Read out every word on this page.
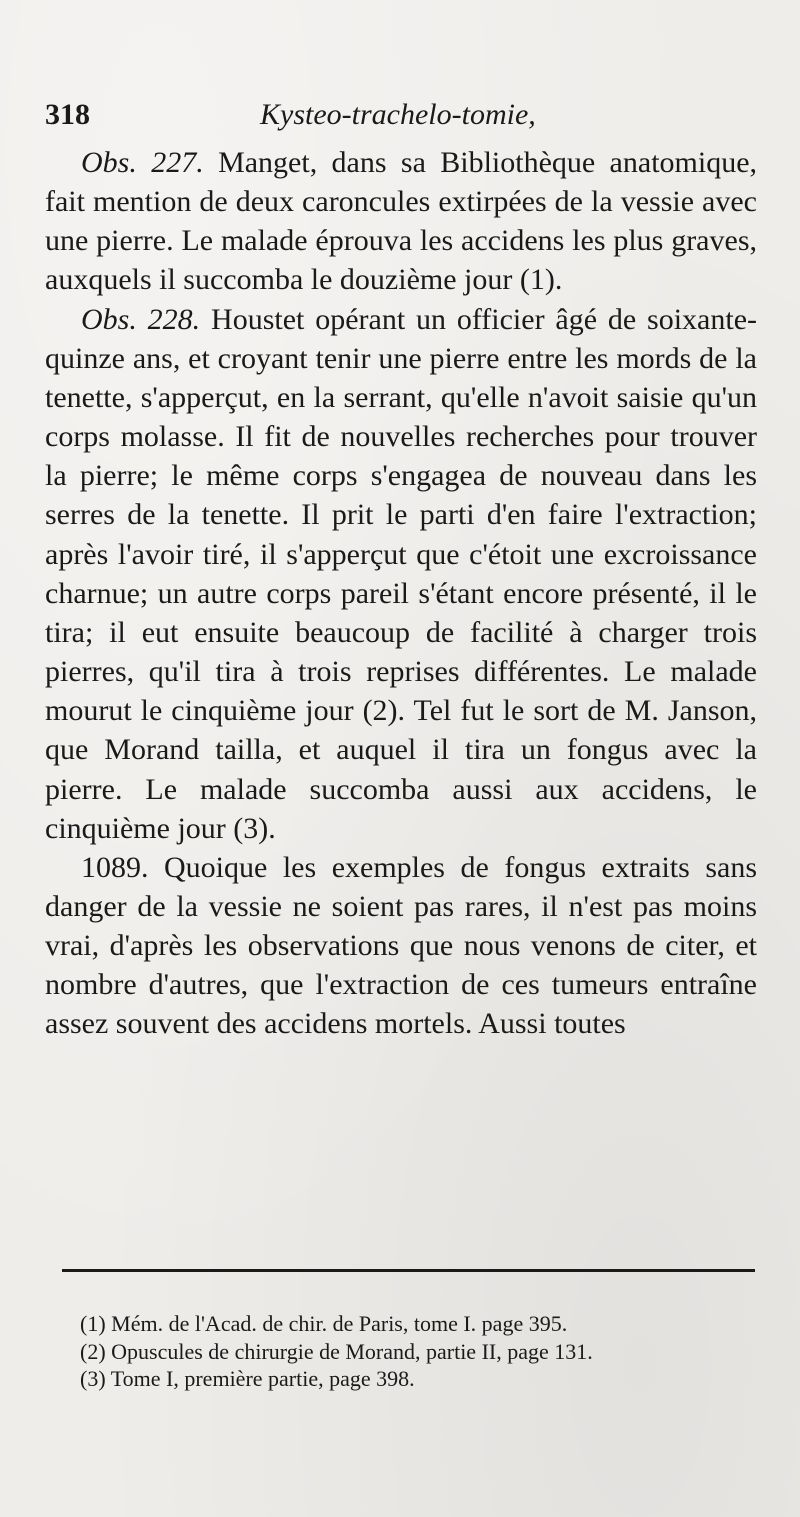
318	Kysteo-trachelo-tomie,

Obs. 227. Manget, dans sa Bibliothèque anatomique, fait mention de deux caroncules extirpées de la vessie avec une pierre. Le malade éprouva les accidens les plus graves, auxquels il succomba le douzième jour (1).

Obs. 228. Houstet opérant un officier âgé de soixante-quinze ans, et croyant tenir une pierre entre les mords de la tenette, s'apperçut, en la serrant, qu'elle n'avoit saisie qu'un corps molasse. Il fit de nouvelles recherches pour trouver la pierre; le même corps s'engagea de nouveau dans les serres de la tenette. Il prit le parti d'en faire l'extraction; après l'avoir tiré, il s'apperçut que c'étoit une excroissance charnue; un autre corps pareil s'étant encore présenté, il le tira; il eut ensuite beaucoup de facilité à charger trois pierres, qu'il tira à trois reprises différentes. Le malade mourut le cinquième jour (2). Tel fut le sort de M. Janson, que Morand tailla, et auquel il tira un fongus avec la pierre. Le malade succomba aussi aux accidens, le cinquième jour (3).

1089. Quoique les exemples de fongus extraits sans danger de la vessie ne soient pas rares, il n'est pas moins vrai, d'après les observations que nous venons de citer, et nombre d'autres, que l'extraction de ces tumeurs entraîne assez souvent des accidens mortels. Aussi toutes

(1) Mém. de l'Acad. de chir. de Paris, tome I. page 395.

(2) Opuscules de chirurgie de Morand, partie II, page 131.

(3) Tome I, première partie, page 398.
